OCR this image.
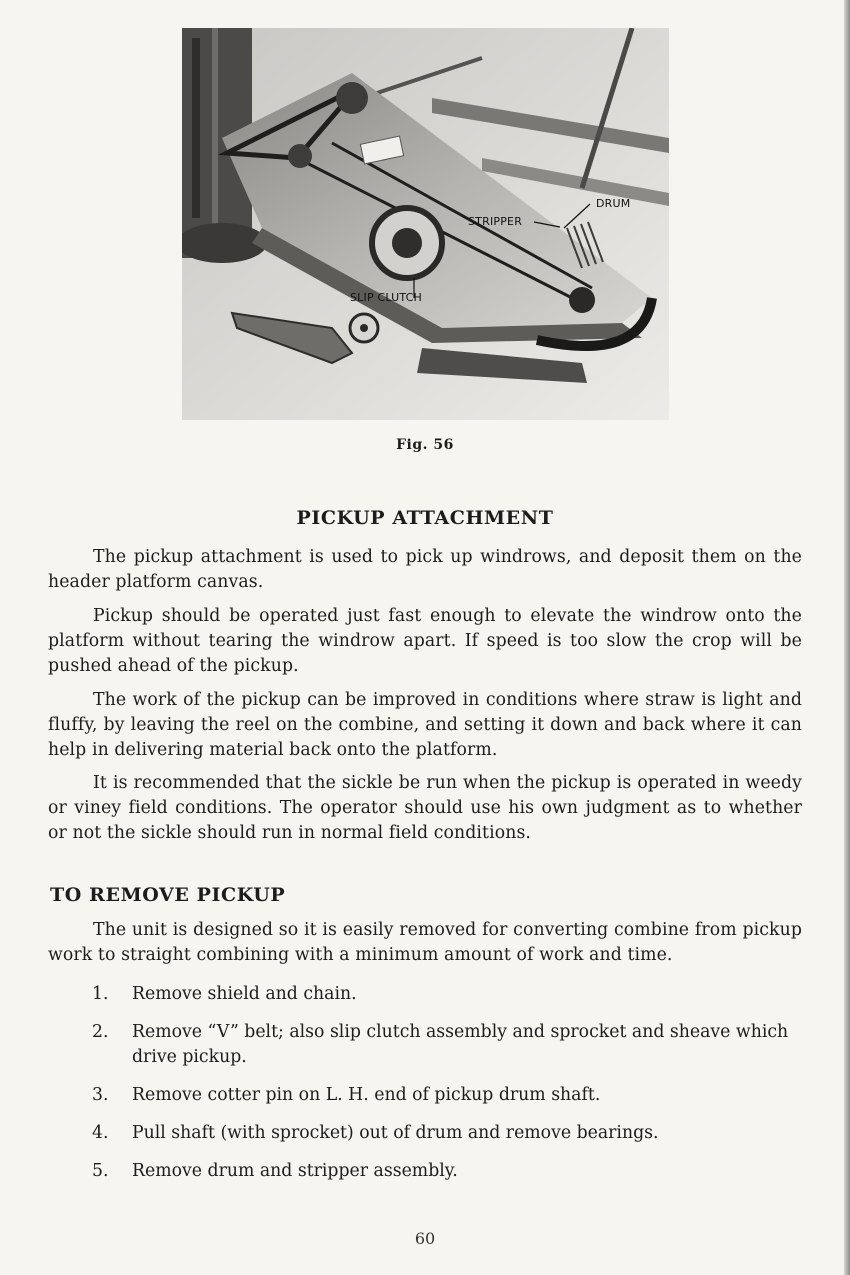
DRUM
STRIPPER
SLIP CLUTCH
Fig. 56
PICKUP ATTACHMENT

The pickup attachment is used to pick up windrows, and deposit them on the header platform canvas.

Pickup should be operated just fast enough to elevate the windrow onto the platform without tearing the windrow apart. If speed is too slow the crop will be pushed ahead of the pickup.

The work of the pickup can be improved in conditions where straw is light and fluffy, by leaving the reel on the combine, and setting it down and back where it can help in delivering material back onto the platform.

It is recommended that the sickle be run when the pickup is operated in weedy or viney field conditions. The operator should use his own judgment as to whether or not the sickle should run in normal field conditions.

TO REMOVE PICKUP

The unit is designed so it is easily removed for converting combine from pickup work to straight combining with a minimum amount of work and time.

1. Remove shield and chain.
2. Remove “V” belt; also slip clutch assembly and sprocket and sheave which drive pickup.
3. Remove cotter pin on L. H. end of pickup drum shaft.
4. Pull shaft (with sprocket) out of drum and remove bearings.
5. Remove drum and stripper assembly.
60
